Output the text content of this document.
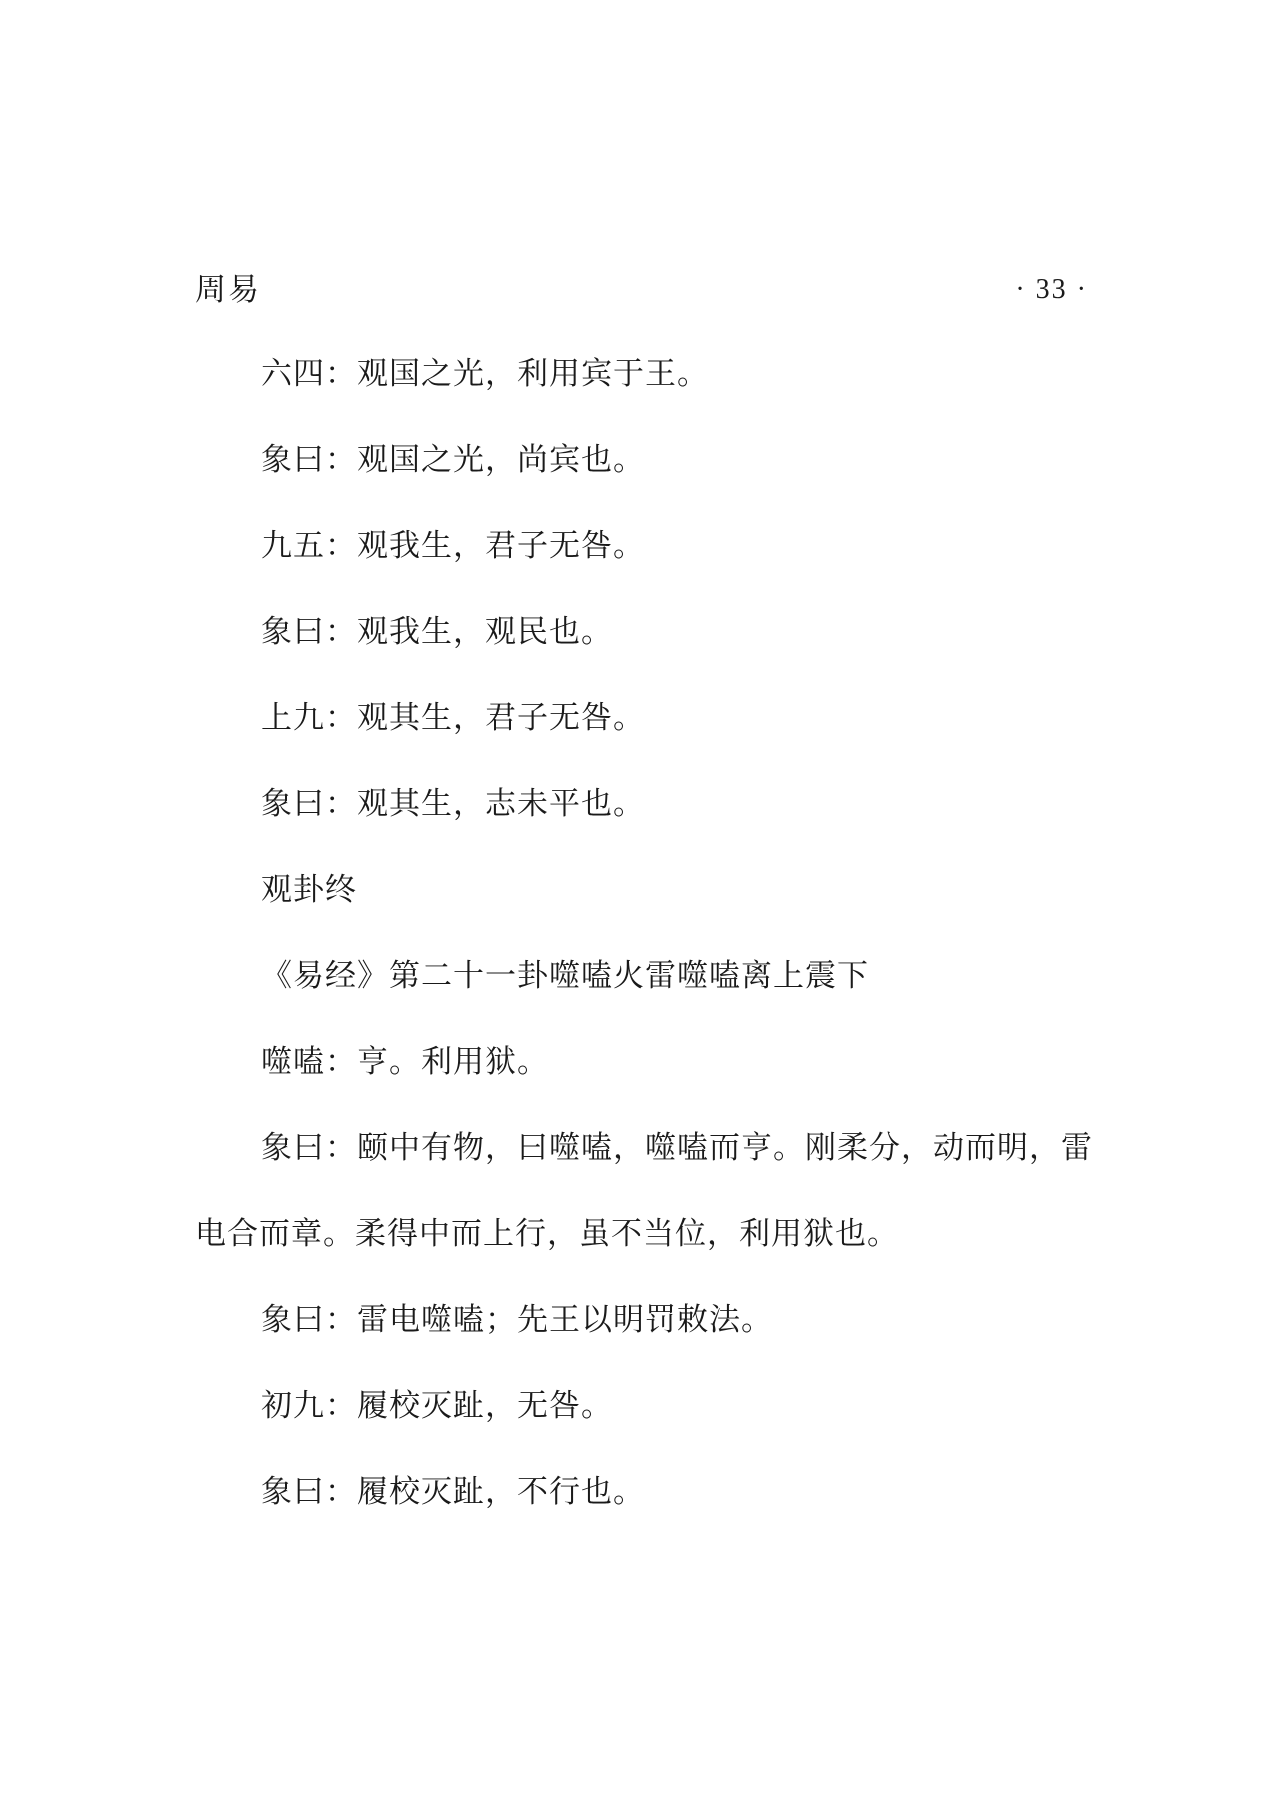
周易	· 33 ·

六四：观国之光，利用宾于王。

象曰：观国之光，尚宾也。

九五：观我生，君子无咎。

象曰：观我生，观民也。

上九：观其生，君子无咎。

象曰：观其生，志未平也。

观卦终

《易经》第二十一卦噬嗑火雷噬嗑离上震下

噬嗑：亨。利用狱。

象曰：颐中有物，曰噬嗑，噬嗑而亨。刚柔分，动而明，雷电合而章。柔得中而上行，虽不当位，利用狱也。

象曰：雷电噬嗑；先王以明罚敕法。

初九：履校灭趾，无咎。

象曰：履校灭趾，不行也。
